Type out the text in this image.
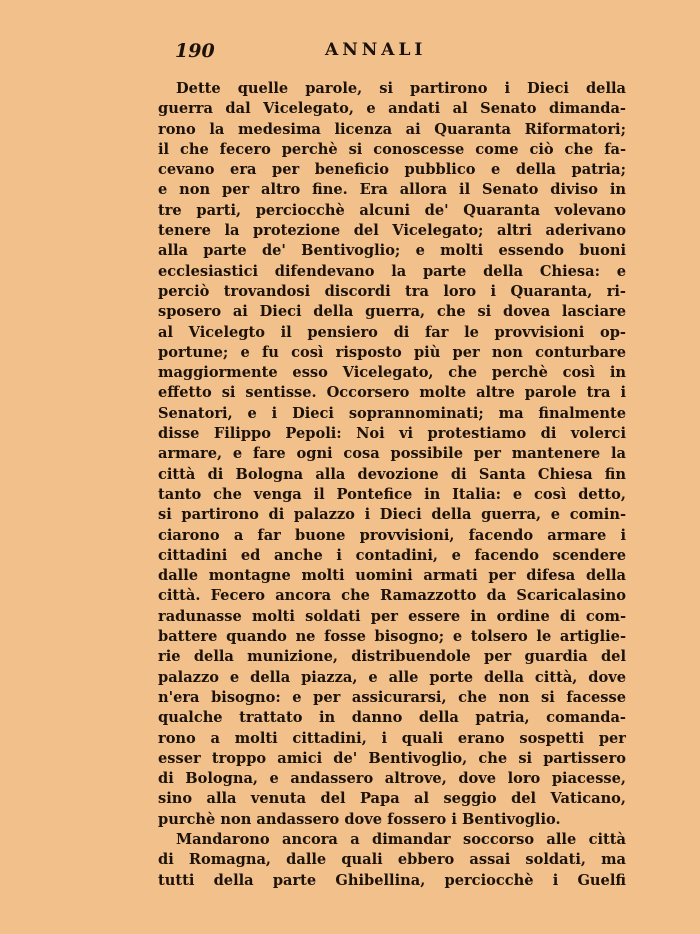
190	ANNALI
Dette quelle parole, si partirono i Dieci della
guerra dal Vicelegato, e andati al Senato dimanda-
rono la medesima licenza ai Quaranta Riformatori;
il che fecero perchè si conoscesse come ciò che fa-
cevano era per beneficio pubblico e della patria;
e non per altro fine. Era allora il Senato diviso in
tre parti, perciocchè alcuni de' Quaranta volevano
tenere la protezione del Vicelegato; altri aderivano
alla parte de' Bentivoglio; e molti essendo buoni
ecclesiastici difendevano la parte della Chiesa: e
perciò trovandosi discordi tra loro i Quaranta, ri-
sposero ai Dieci della guerra, che si dovea lasciare
al Vicelegto il pensiero di far le provvisioni op-
portune; e fu così risposto più per non conturbare
maggiormente esso Vicelegato, che perchè così in
effetto si sentisse. Occorsero molte altre parole tra i
Senatori, e i Dieci soprannominati; ma finalmente
disse Filippo Pepoli: Noi vi protestiamo di volerci
armare, e fare ogni cosa possibile per mantenere la
città di Bologna alla devozione di Santa Chiesa fin
tanto che venga il Pontefice in Italia: e così detto,
si partirono di palazzo i Dieci della guerra, e comin-
ciarono a far buone provvisioni, facendo armare i
cittadini ed anche i contadini, e facendo scendere
dalle montagne molti uomini armati per difesa della
città. Fecero ancora che Ramazzotto da Scaricalasino
radunasse molti soldati per essere in ordine di com-
battere quando ne fosse bisogno; e tolsero le artiglie-
rie della munizione, distribuendole per guardia del
palazzo e della piazza, e alle porte della città, dove
n'era bisogno: e per assicurarsi, che non si facesse
qualche trattato in danno della patria, comanda-
rono a molti cittadini, i quali erano sospetti per
esser troppo amici de' Bentivoglio, che si partissero
di Bologna, e andassero altrove, dove loro piacesse,
sino alla venuta del Papa al seggio del Vaticano,
purchè non andassero dove fossero i Bentivoglio.
Mandarono ancora a dimandar soccorso alle città
di Romagna, dalle quali ebbero assai soldati, ma
tutti della parte Ghibellina, perciocchè i Guelfi
